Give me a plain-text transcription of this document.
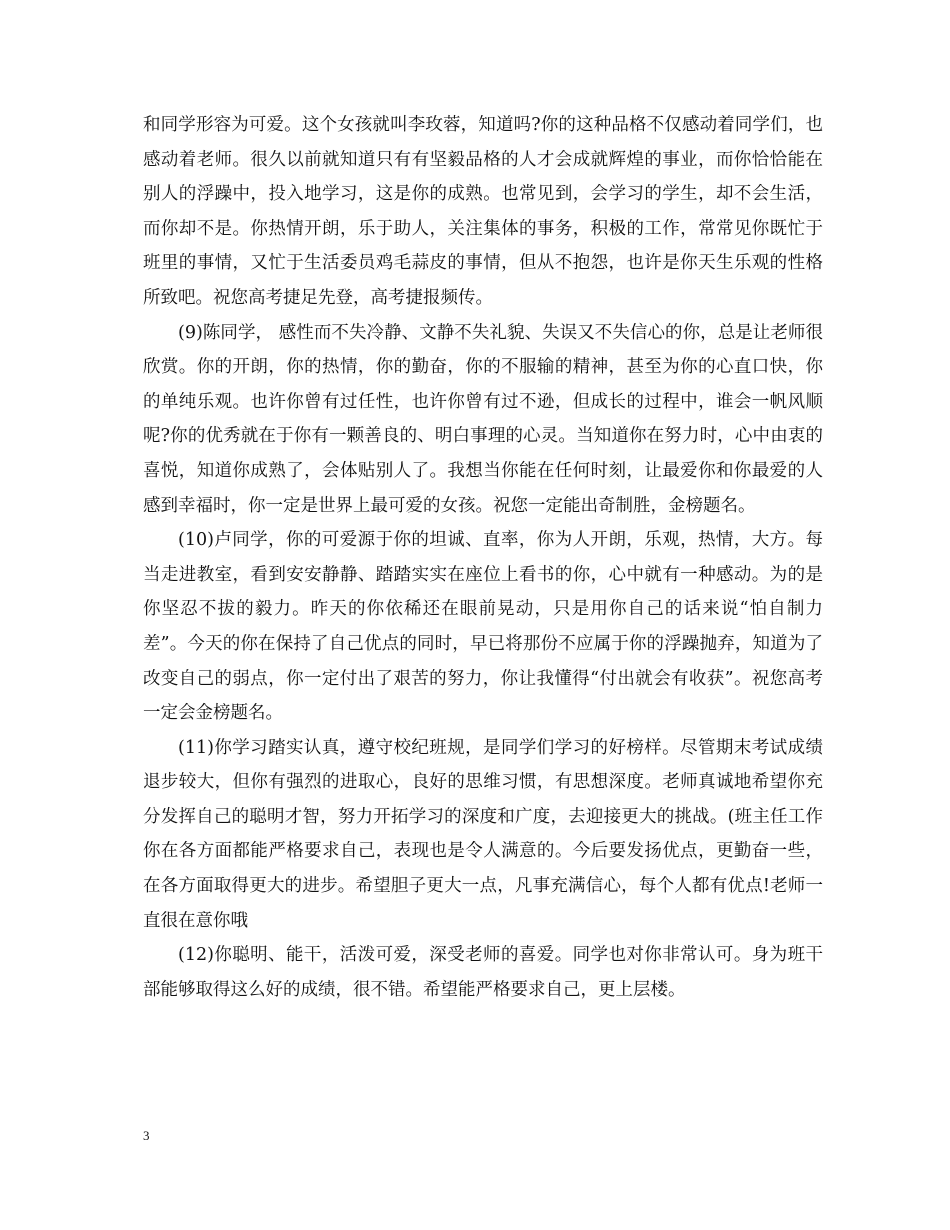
和同学形容为可爱。这个女孩就叫李玫蓉，知道吗?你的这种品格不仅感动着同学们，也感动着老师。很久以前就知道只有有坚毅品格的人才会成就辉煌的事业，而你恰恰能在别人的浮躁中，投入地学习，这是你的成熟。也常见到，会学习的学生，却不会生活，而你却不是。你热情开朗，乐于助人，关注集体的事务，积极的工作，常常见你既忙于班里的事情，又忙于生活委员鸡毛蒜皮的事情，但从不抱怨，也许是你天生乐观的性格所致吧。祝您高考捷足先登，高考捷报频传。

(9)陈同学， 感性而不失冷静、文静不失礼貌、失误又不失信心的你，总是让老师很欣赏。你的开朗，你的热情，你的勤奋，你的不服输的精神，甚至为你的心直口快，你的单纯乐观。也许你曾有过任性，也许你曾有过不逊，但成长的过程中，谁会一帆风顺呢?你的优秀就在于你有一颗善良的、明白事理的心灵。当知道你在努力时，心中由衷的喜悦，知道你成熟了，会体贴别人了。我想当你能在任何时刻，让最爱你和你最爱的人感到幸福时，你一定是世界上最可爱的女孩。祝您一定能出奇制胜，金榜题名。

(10)卢同学，你的可爱源于你的坦诚、直率，你为人开朗，乐观，热情，大方。每当走进教室，看到安安静静、踏踏实实在座位上看书的你，心中就有一种感动。为的是你坚忍不拔的毅力。昨天的你依稀还在眼前晃动，只是用你自己的话来说“怕自制力差”。今天的你在保持了自己优点的同时，早已将那份不应属于你的浮躁抛弃，知道为了改变自己的弱点，你一定付出了艰苦的努力，你让我懂得“付出就会有收获”。祝您高考一定会金榜题名。

(11)你学习踏实认真，遵守校纪班规，是同学们学习的好榜样。尽管期末考试成绩退步较大，但你有强烈的进取心，良好的思维习惯，有思想深度。老师真诚地希望你充分发挥自己的聪明才智，努力开拓学习的深度和广度，去迎接更大的挑战。(班主任工作 你在各方面都能严格要求自己，表现也是令人满意的。今后要发扬优点，更勤奋一些，在各方面取得更大的进步。希望胆子更大一点，凡事充满信心，每个人都有优点!老师一直很在意你哦

(12)你聪明、能干，活泼可爱，深受老师的喜爱。同学也对你非常认可。身为班干部能够取得这么好的成绩，很不错。希望能严格要求自己，更上层楼。

3
